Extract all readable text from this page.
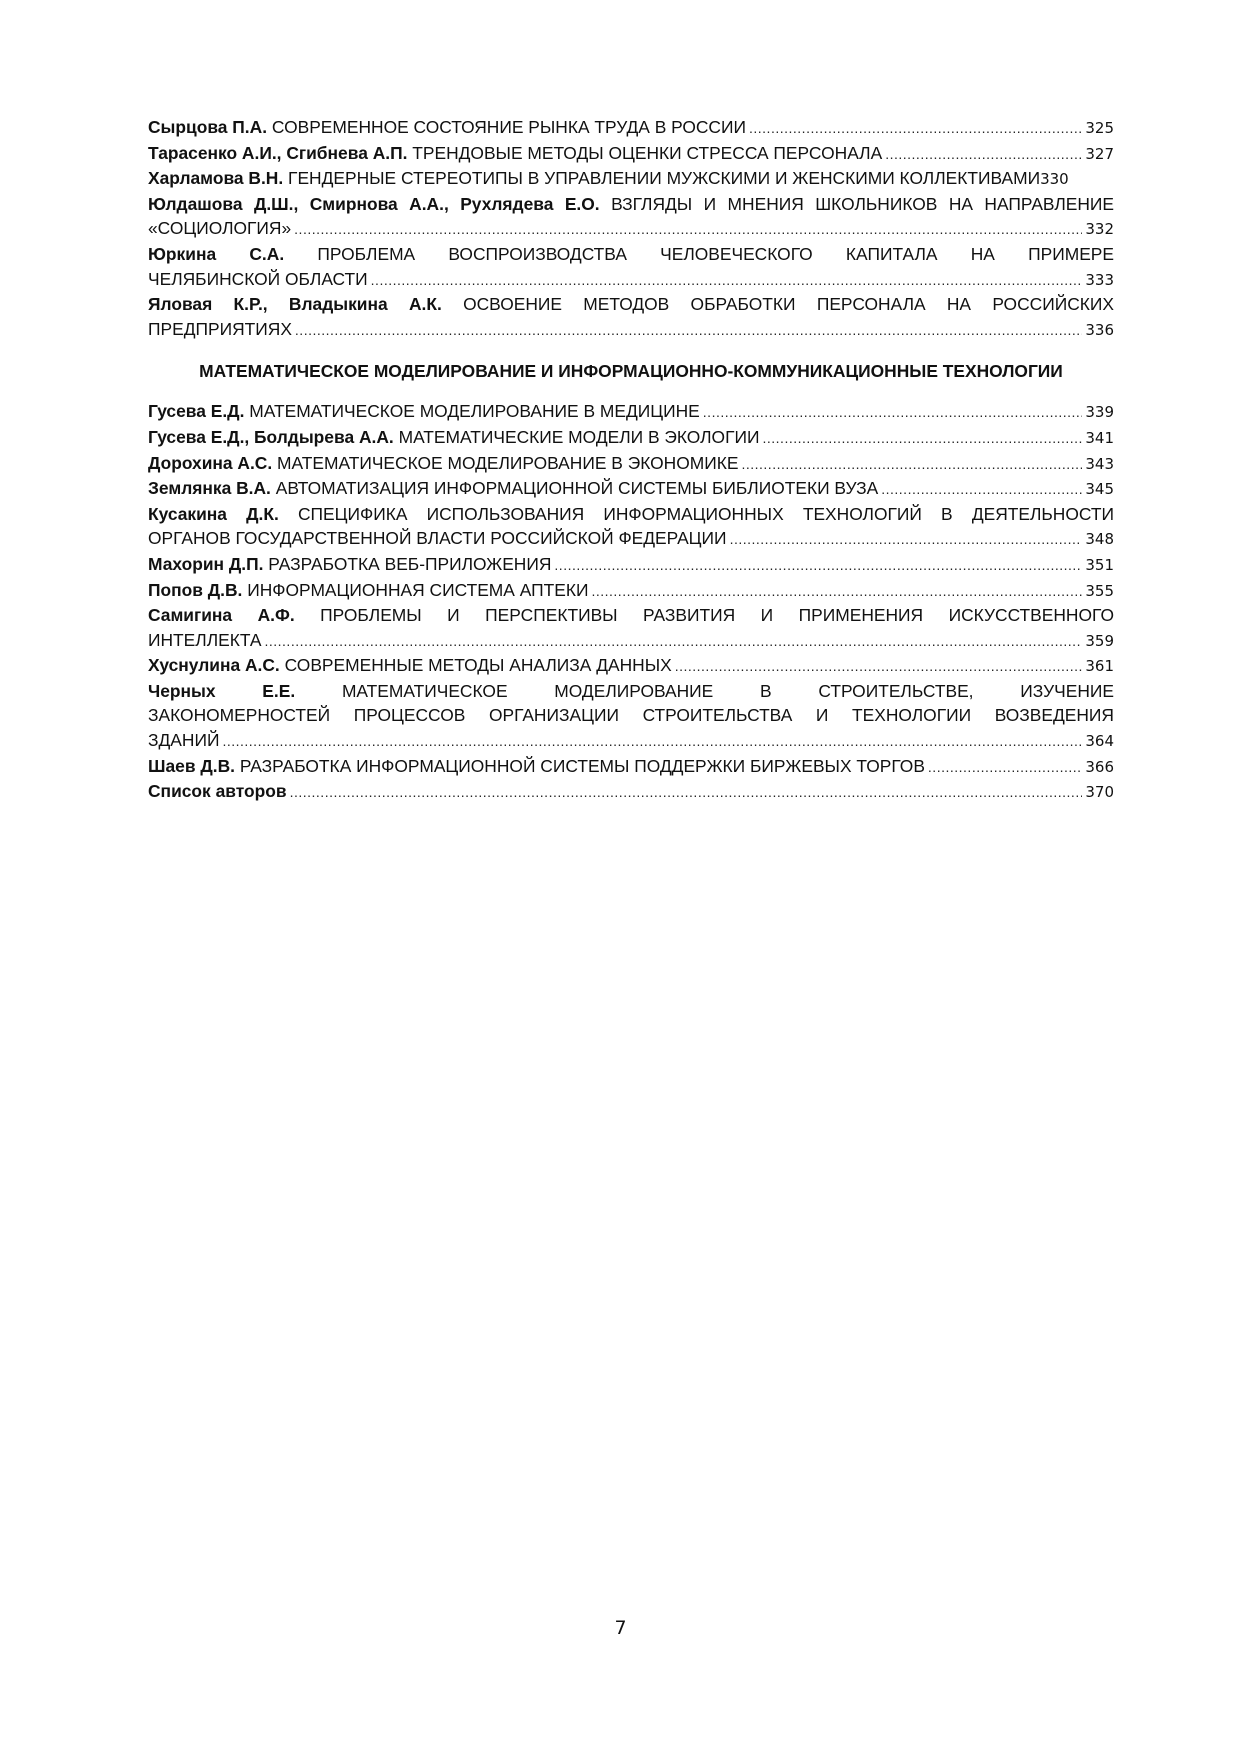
Сырцова П.А. СОВРЕМЕННОЕ СОСТОЯНИЕ РЫНКА ТРУДА В РОССИИ .....	325
Тарасенко А.И., Сгибнева А.П. ТРЕНДОВЫЕ МЕТОДЫ ОЦЕНКИ СТРЕССА ПЕРСОНАЛА .....	327
Харламова В.Н. ГЕНДЕРНЫЕ СТЕРЕОТИПЫ В УПРАВЛЕНИИ МУЖСКИМИ И ЖЕНСКИМИ КОЛЛЕКТИВАМИ330
Юлдашова Д.Ш., Смирнова А.А., Рухлядева Е.О. ВЗГЛЯДЫ И МНЕНИЯ ШКОЛЬНИКОВ НА НАПРАВЛЕНИЕ
«СОЦИОЛОГИЯ» .....	332
Юркина С.А. ПРОБЛЕМА ВОСПРОИЗВОДСТВА ЧЕЛОВЕЧЕСКОГО КАПИТАЛА НА ПРИМЕРЕ
ЧЕЛЯБИНСКОЙ ОБЛАСТИ .....	333
Яловая К.Р., Владыкина А.К. ОСВОЕНИЕ МЕТОДОВ ОБРАБОТКИ ПЕРСОНАЛА НА РОССИЙСКИХ
ПРЕДПРИЯТИЯХ .....	336
МАТЕМАТИЧЕСКОЕ МОДЕЛИРОВАНИЕ И ИНФОРМАЦИОННО-КОММУНИКАЦИОННЫЕ ТЕХНОЛОГИИ
Гусева Е.Д. МАТЕМАТИЧЕСКОЕ МОДЕЛИРОВАНИЕ В МЕДИЦИНЕ .....	339
Гусева Е.Д., Болдырева А.А. МАТЕМАТИЧЕСКИЕ МОДЕЛИ В ЭКОЛОГИИ .....	341
Дорохина А.С. МАТЕМАТИЧЕСКОЕ МОДЕЛИРОВАНИЕ В ЭКОНОМИКЕ .....	343
Землянка В.А. АВТОМАТИЗАЦИЯ ИНФОРМАЦИОННОЙ СИСТЕМЫ БИБЛИОТЕКИ ВУЗА .....	345
Кусакина Д.К. СПЕЦИФИКА ИСПОЛЬЗОВАНИЯ ИНФОРМАЦИОННЫХ ТЕХНОЛОГИЙ В ДЕЯТЕЛЬНОСТИ
ОРГАНОВ ГОСУДАРСТВЕННОЙ ВЛАСТИ РОССИЙСКОЙ ФЕДЕРАЦИИ .....	348
Махорин Д.П. РАЗРАБОТКА ВЕБ-ПРИЛОЖЕНИЯ .....	351
Попов Д.В. ИНФОРМАЦИОННАЯ СИСТЕМА АПТЕКИ .....	355
Самигина А.Ф. ПРОБЛЕМЫ И ПЕРСПЕКТИВЫ РАЗВИТИЯ И ПРИМЕНЕНИЯ ИСКУССТВЕННОГО
ИНТЕЛЛЕКТА .....	359
Хуснулина А.С. СОВРЕМЕННЫЕ МЕТОДЫ АНАЛИЗА ДАННЫХ .....	361
Черных Е.Е.	МАТЕМАТИЧЕСКОЕ МОДЕЛИРОВАНИЕ В СТРОИТЕЛЬСТВЕ, ИЗУЧЕНИЕ
ЗАКОНОМЕРНОСТЕЙ ПРОЦЕССОВ ОРГАНИЗАЦИИ СТРОИТЕЛЬСТВА И ТЕХНОЛОГИИ ВОЗВЕДЕНИЯ
ЗДАНИЙ .....	364
Шаев Д.В. РАЗРАБОТКА ИНФОРМАЦИОННОЙ СИСТЕМЫ ПОДДЕРЖКИ БИРЖЕВЫХ ТОРГОВ .....	366
Список авторов .....	370
7
